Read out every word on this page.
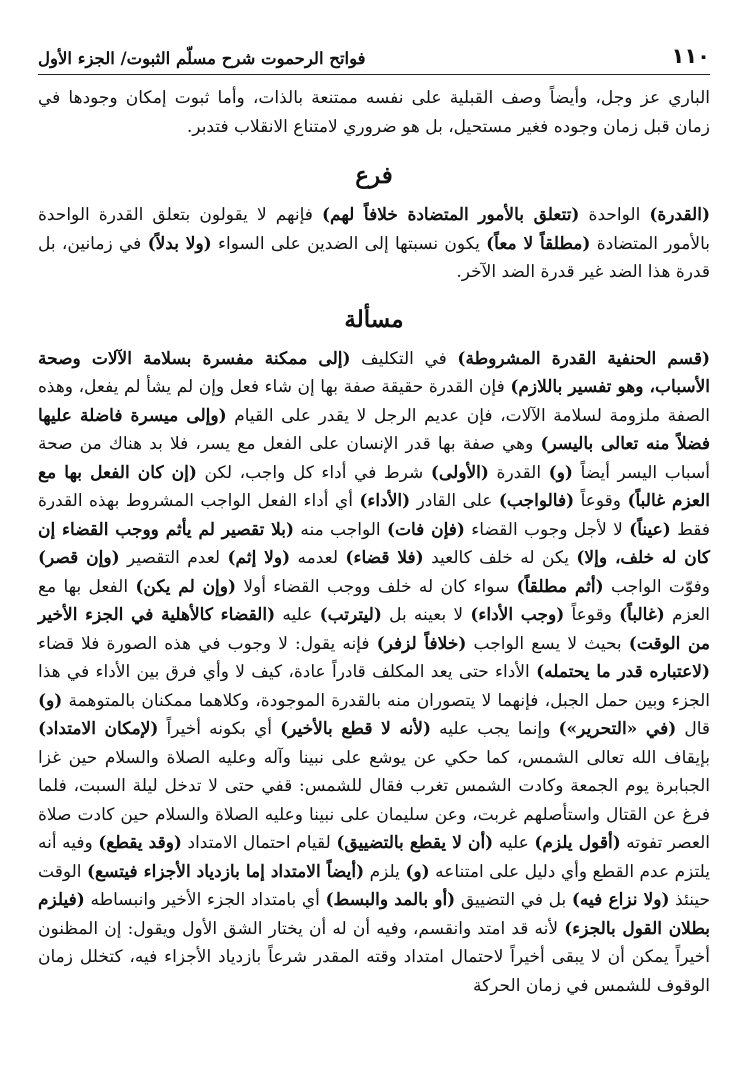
١١٠
فواتح الرحموت شرح مسلّم الثبوت/ الجزء الأول

الباري عز وجل، وأيضاً وصف القبلية على نفسه ممتنعة بالذات، وأما ثبوت إمكان وجودها في زمان قبل زمان وجوده فغير مستحيل، بل هو ضروري لامتناع الانقلاب فتدبر.

فرع

(القدرة) الواحدة (تتعلق بالأمور المتضادة خلافاً لهم) فإنهم لا يقولون بتعلق القدرة الواحدة بالأمور المتضادة (مطلقاً لا معاً) يكون نسبتها إلى الضدين على السواء (ولا بدلاً) في زمانين، بل قدرة هذا الضد غير قدرة الضد الآخر.

مسألة

(قسم الحنفية القدرة المشروطة) في التكليف (إلى ممكنة مفسرة بسلامة الآلات وصحة الأسباب، وهو تفسير باللازم) فإن القدرة حقيقة صفة بها إن شاء فعل وإن لم يشأ لم يفعل، وهذه الصفة ملزومة لسلامة الآلات، فإن عديم الرجل لا يقدر على القيام (وإلى ميسرة فاضلة عليها فضلاً منه تعالى باليسر) وهي صفة بها قدر الإنسان على الفعل مع يسر، فلا بد هناك من صحة أسباب اليسر أيضاً (و) القدرة (الأولى) شرط في أداء كل واجب، لكن (إن كان الفعل بها مع العزم غالباً) وقوعاً (فالواجب) على القادر (الأداء) أي أداء الفعل الواجب المشروط بهذه القدرة فقط (عيناً) لا لأجل وجوب القضاء (فإن فات) الواجب منه (بلا تقصير لم يأثم ووجب القضاء إن كان له خلف، وإلا) يكن له خلف كالعيد (فلا قضاء) لعدمه (ولا إثم) لعدم التقصير (وإن قصر) وفوّت الواجب (أثم مطلقاً) سواء كان له خلف ووجب القضاء أولا (وإن لم يكن) الفعل بها مع العزم (غالباً) وقوعاً (وجب الأداء) لا بعينه بل (ليترتب) عليه (القضاء كالأهلية في الجزء الأخير من الوقت) بحيث لا يسع الواجب (خلافاً لزفر) فإنه يقول: لا وجوب في هذه الصورة فلا قضاء (لاعتباره قدر ما يحتمله) الأداء حتى يعد المكلف قادراً عادة، كيف لا وأي فرق بين الأداء في هذا الجزء وبين حمل الجبل، فإنهما لا يتصوران منه بالقدرة الموجودة، وكلاهما ممكنان بالمتوهمة (و) قال (في «التحرير») وإنما يجب عليه (لأنه لا قطع بالأخير) أي بكونه أخيراً (لإمكان الامتداد) بإيقاف الله تعالى الشمس، كما حكي عن يوشع على نبينا وآله وعليه الصلاة والسلام حين غزا الجبابرة يوم الجمعة وكادت الشمس تغرب فقال للشمس: قفي حتى لا تدخل ليلة السبت، فلما فرغ عن القتال واستأصلهم غربت، وعن سليمان على نبينا وعليه الصلاة والسلام حين كادت صلاة العصر تفوته (أقول يلزم) عليه (أن لا يقطع بالتضييق) لقيام احتمال الامتداد (وقد يقطع) وفيه أنه يلتزم عدم القطع وأي دليل على امتناعه (و) يلزم (أيضاً الامتداد إما بازدياد الأجزاء فيتسع) الوقت حينئذ (ولا نزاع فيه) بل في التضييق (أو بالمد والبسط) أي بامتداد الجزء الأخير وانبساطه (فيلزم بطلان القول بالجزء) لأنه قد امتد وانقسم، وفيه أن له أن يختار الشق الأول ويقول: إن المظنون أخيراً يمكن أن لا يبقى أخيراً لاحتمال امتداد وقته المقدر شرعاً بازدياد الأجزاء فيه، كتخلل زمان الوقوف للشمس في زمان الحركة
